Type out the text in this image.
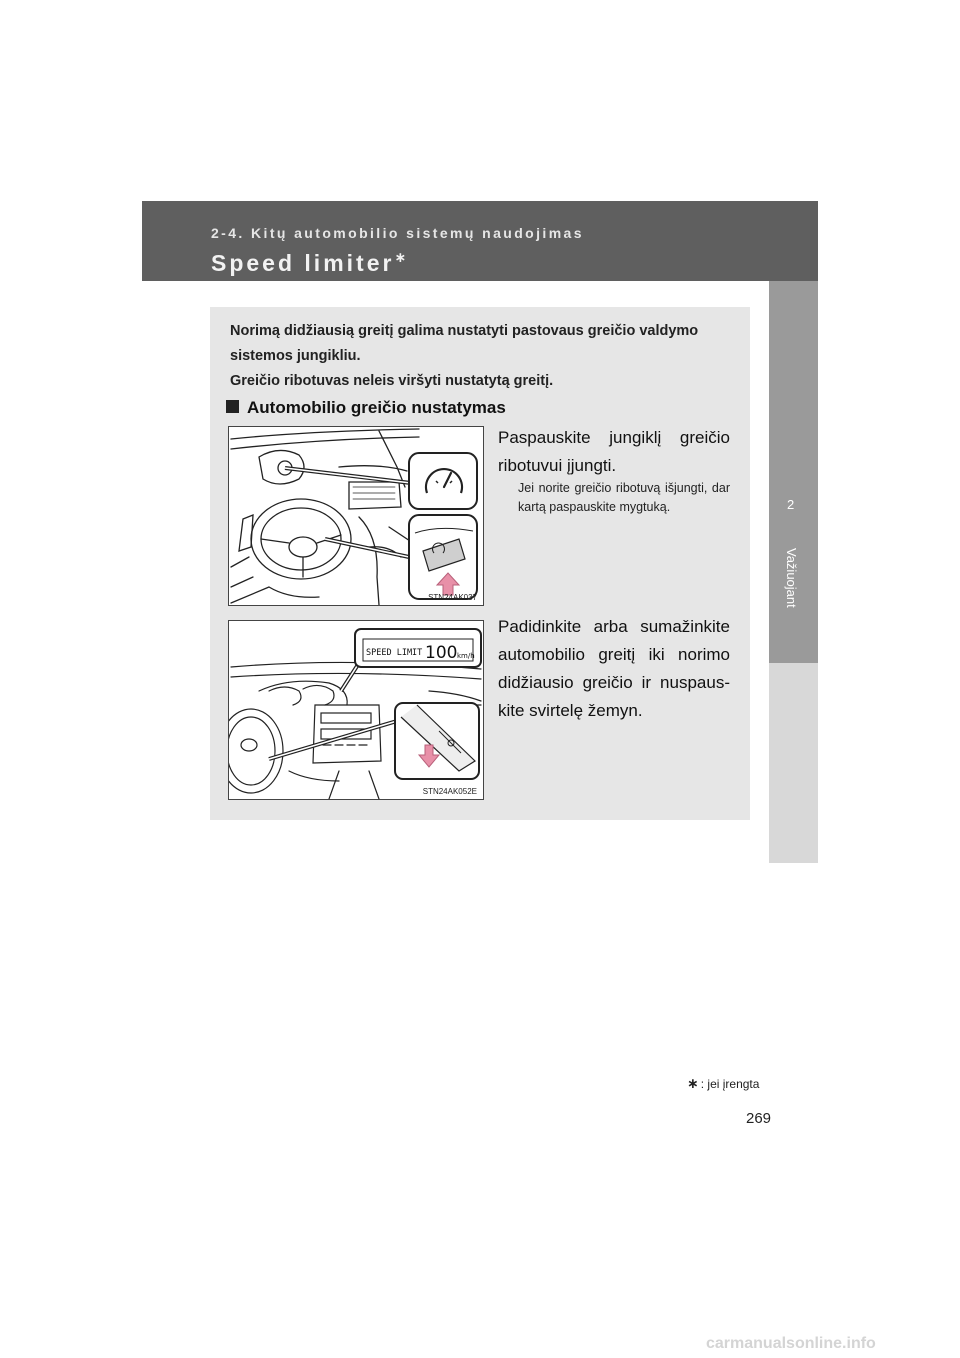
2-4. Kitų automobilio sistemų naudojimas
Speed limiter∗
2
Važiuojant
Norimą didžiausią greitį galima nustatyti pastovaus greičio valdymo sistemos jungikliu.
Greičio ribotuvas neleis viršyti nustatytą greitį.
Automobilio greičio nustatymas
STN24AK037
Paspauskite jungiklį greičio ribotuvui įjungti.
Jei norite greičio ribotuvą išjungti, dar kartą paspauskite mygtuką.
SPEED LIMIT 100 km/h
STN24AK052E
Padidinkite arba sumažinkite automobilio greitį iki norimo didžiausio greičio ir nuspaus-kite svirtelę žemyn.
∗ : jei įrengta
269
carmanualsonline.info
